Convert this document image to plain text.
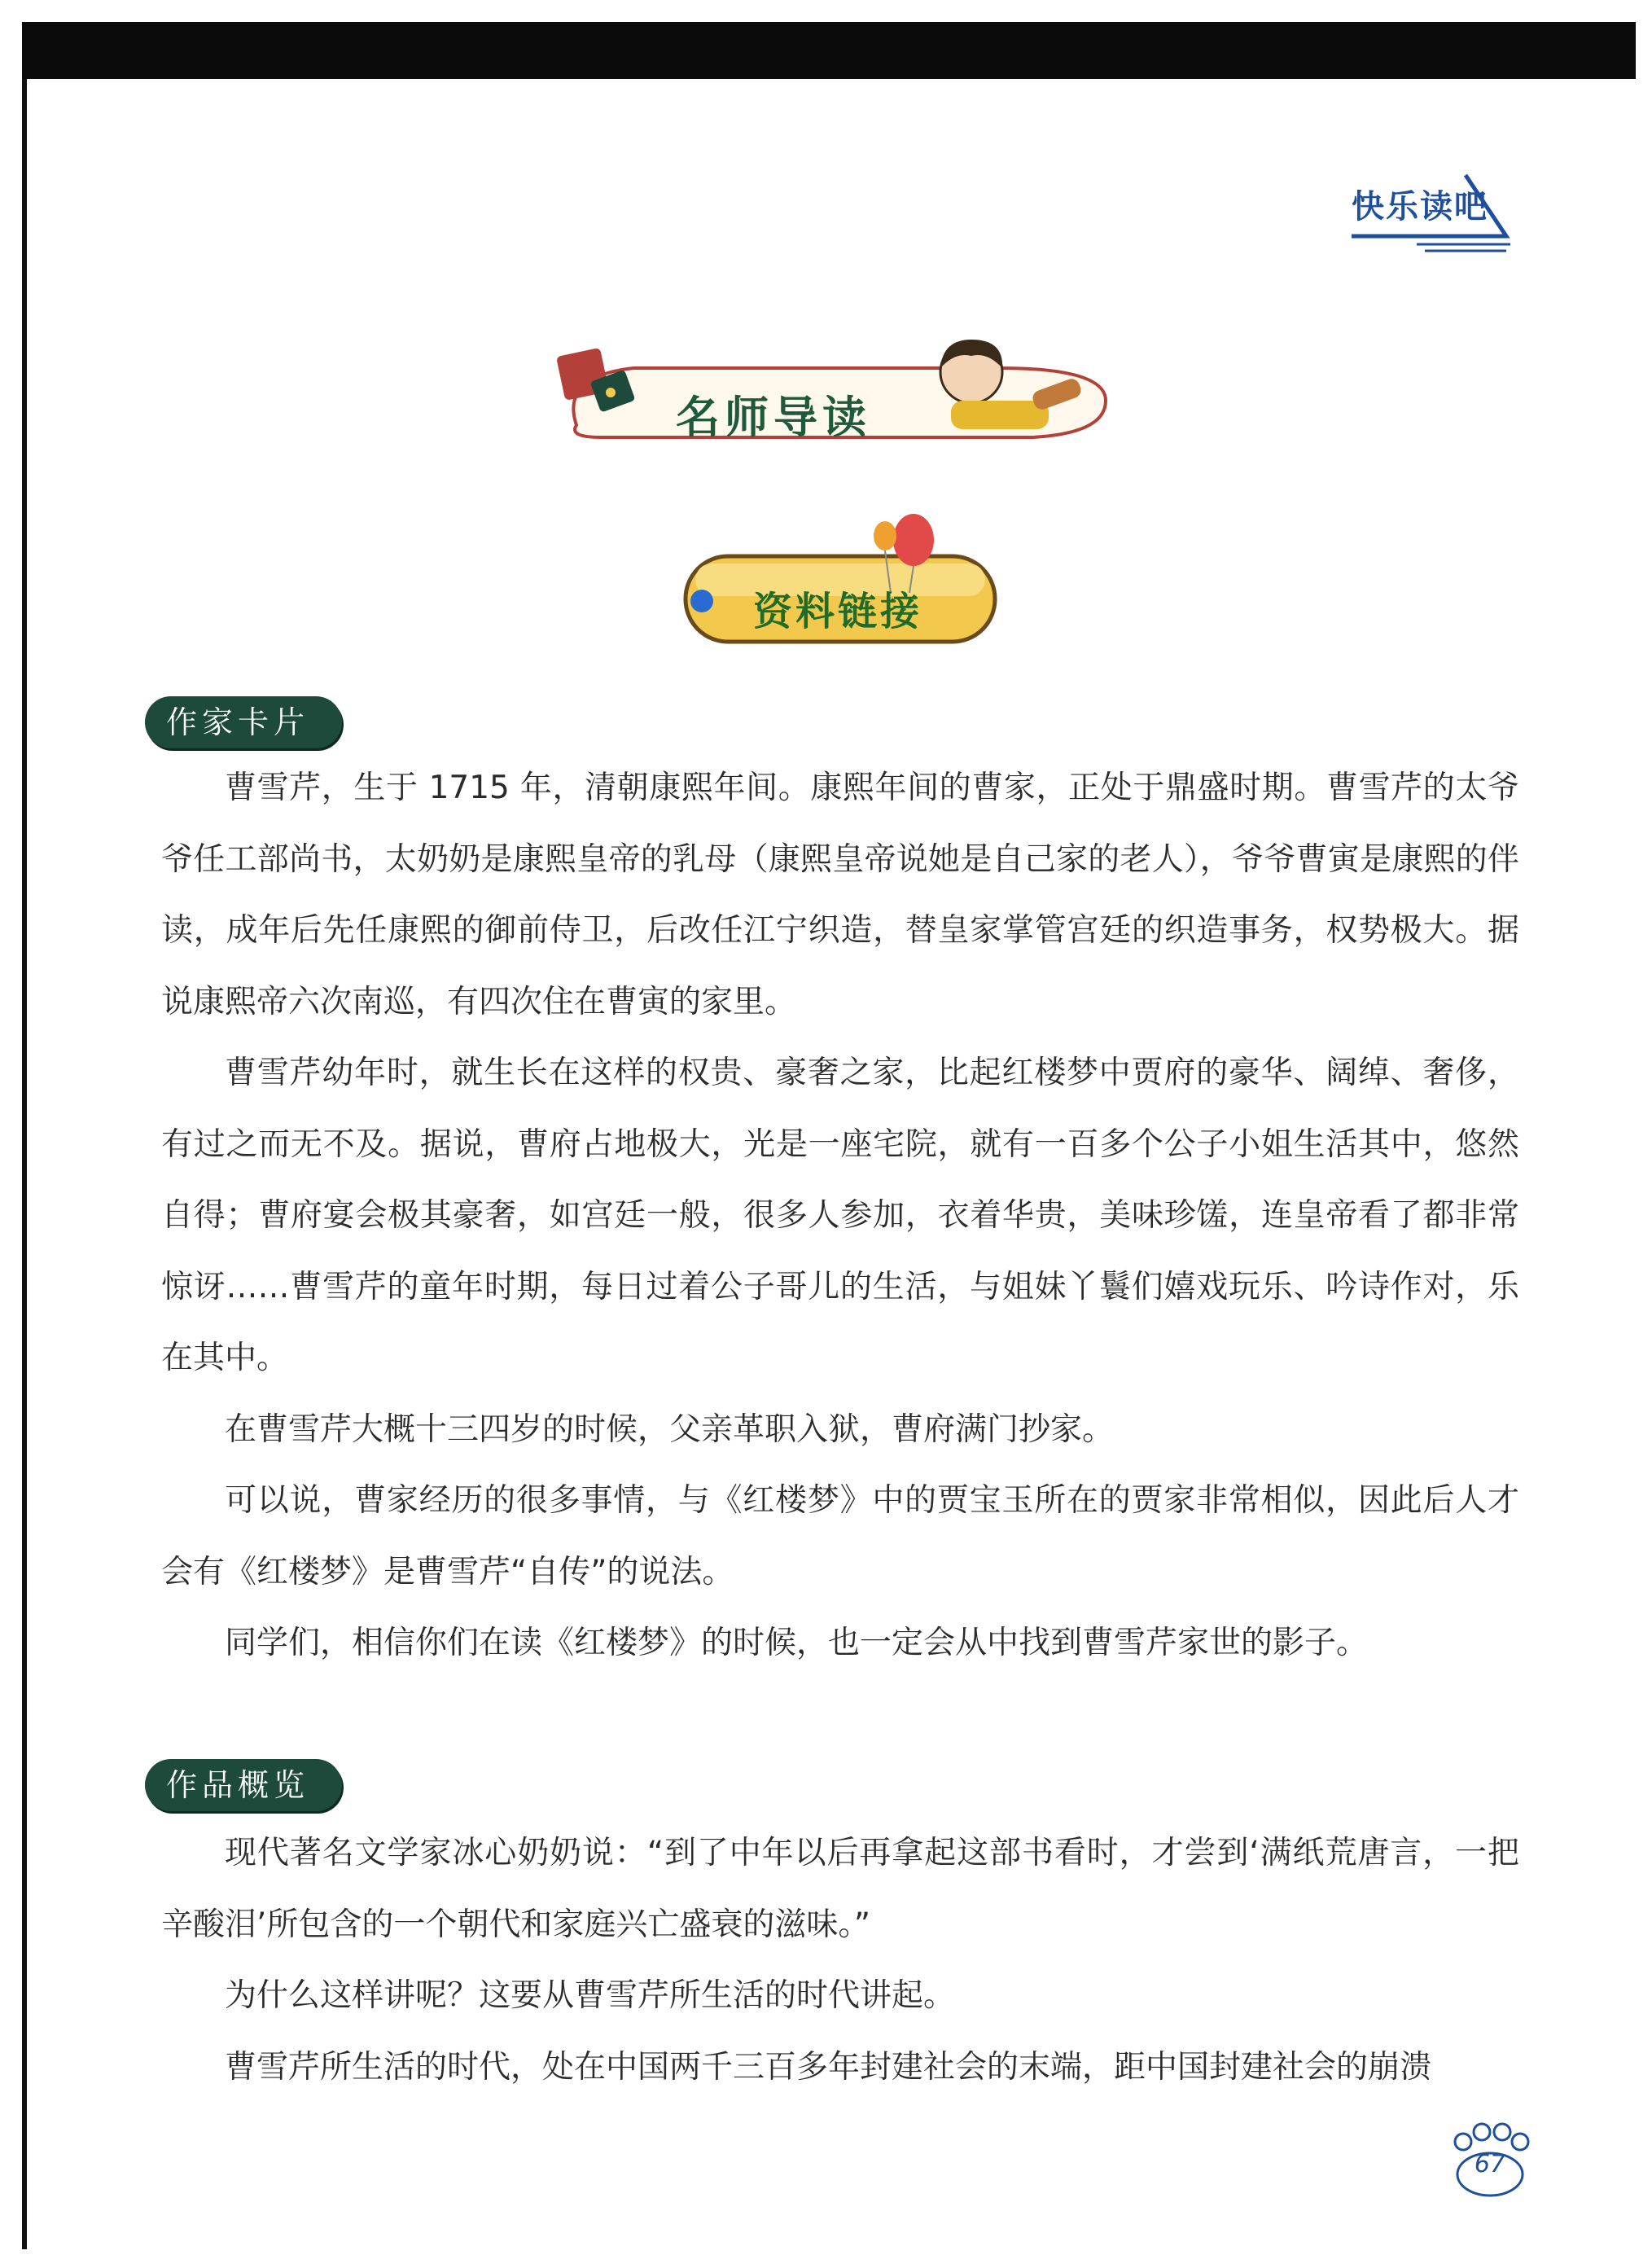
快乐读吧
名师导读
资料链接
作家卡片

曹雪芹，生于 1715 年，清朝康熙年间。康熙年间的曹家，正处于鼎盛时期。曹雪芹的太爷爷任工部尚书，太奶奶是康熙皇帝的乳母（康熙皇帝说她是自己家的老人），爷爷曹寅是康熙的伴读，成年后先任康熙的御前侍卫，后改任江宁织造，替皇家掌管宫廷的织造事务，权势极大。据说康熙帝六次南巡，有四次住在曹寅的家里。

曹雪芹幼年时，就生长在这样的权贵、豪奢之家，比起红楼梦中贾府的豪华、阔绰、奢侈，有过之而无不及。据说，曹府占地极大，光是一座宅院，就有一百多个公子小姐生活其中，悠然自得；曹府宴会极其豪奢，如宫廷一般，很多人参加，衣着华贵，美味珍馐，连皇帝看了都非常惊讶……曹雪芹的童年时期，每日过着公子哥儿的生活，与姐妹丫鬟们嬉戏玩乐、吟诗作对，乐在其中。

在曹雪芹大概十三四岁的时候，父亲革职入狱，曹府满门抄家。

可以说，曹家经历的很多事情，与《红楼梦》中的贾宝玉所在的贾家非常相似，因此后人才会有《红楼梦》是曹雪芹“自传”的说法。

同学们，相信你们在读《红楼梦》的时候，也一定会从中找到曹雪芹家世的影子。

作品概览

现代著名文学家冰心奶奶说：“到了中年以后再拿起这部书看时，才尝到‘满纸荒唐言，一把辛酸泪’所包含的一个朝代和家庭兴亡盛衰的滋味。”

为什么这样讲呢？这要从曹雪芹所生活的时代讲起。

曹雪芹所生活的时代，处在中国两千三百多年封建社会的末端，距中国封建社会的崩溃

67
